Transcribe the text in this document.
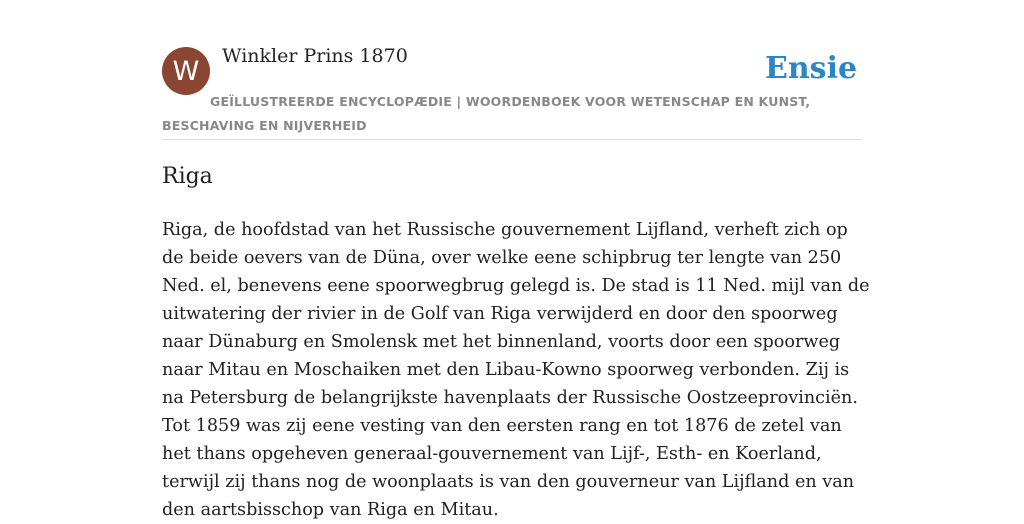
W	Winkler Prins 1870	Ensie
GEÏLLUSTREERDE ENCYCLOPÆDIE | WOORDENBOEK VOOR WETENSCHAP EN KUNST, BESCHAVING EN NIJVERHEID
Riga

Riga, de hoofdstad van het Russische gouvernement Lijfland, verheft zich op de beide oevers van de Düna, over welke eene schipbrug ter lengte van 250 Ned. el, benevens eene spoorwegbrug gelegd is. De stad is 11 Ned. mijl van de uitwatering der rivier in de Golf van Riga verwijderd en door den spoorweg naar Dünaburg en Smolensk met het binnenland, voorts door een spoorweg naar Mitau en Moschaiken met den Libau-Kowno spoorweg verbonden. Zij is na Petersburg de belangrijkste havenplaats der Russische Oostzeeprovinciën. Tot 1859 was zij eene vesting van den eersten rang en tot 1876 de zetel van het thans opgeheven generaal-gouvernement van Lijf-, Esth- en Koerland, terwijl zij thans nog de woonplaats is van den gouverneur van Lijfland en van den aartsbisschop van Riga en Mitau.
